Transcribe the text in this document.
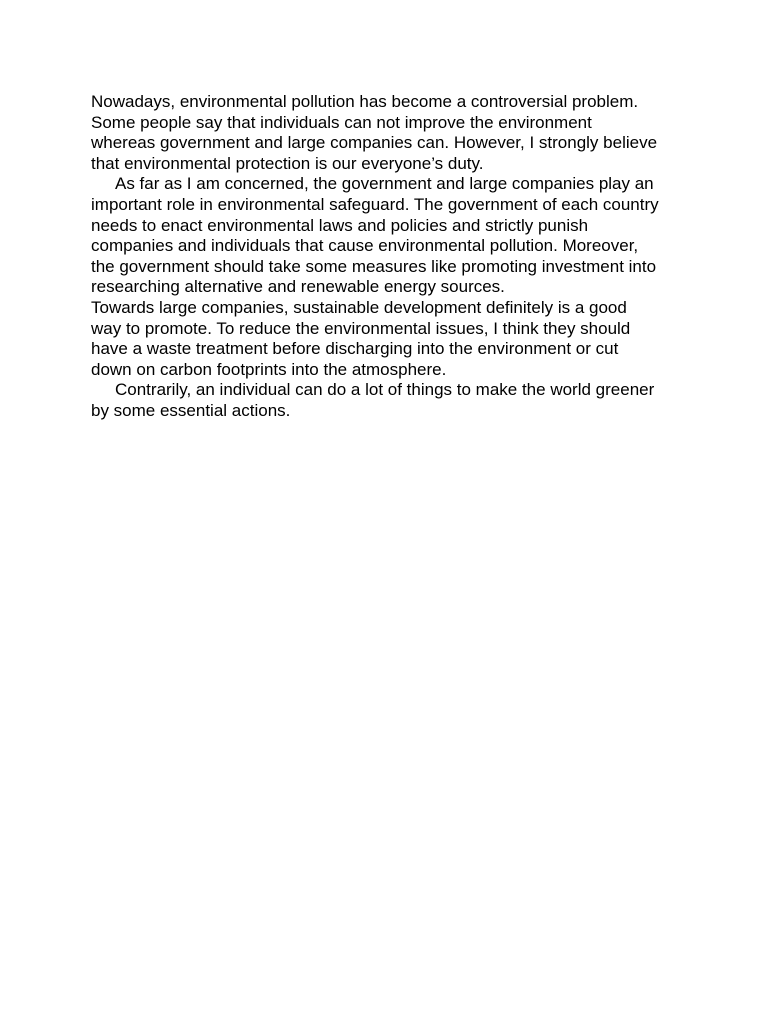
Nowadays, environmental pollution has become a controversial problem.
Some people say that individuals can not improve the environment
whereas government and large companies can. However, I strongly believe
that environmental protection is our everyone’s duty.

As far as I am concerned, the government and large companies play an
important role in environmental safeguard. The government of each country
needs to enact environmental laws and policies and strictly punish
companies and individuals that cause environmental pollution. Moreover,
the government should take some measures like promoting investment into
researching alternative and renewable energy sources.

Towards large companies, sustainable development definitely is a good
way to promote. To reduce the environmental issues, I think they should
have a waste treatment before discharging into the environment or cut
down on carbon footprints into the atmosphere.

Contrarily, an individual can do a lot of things to make the world greener
by some essential actions.
